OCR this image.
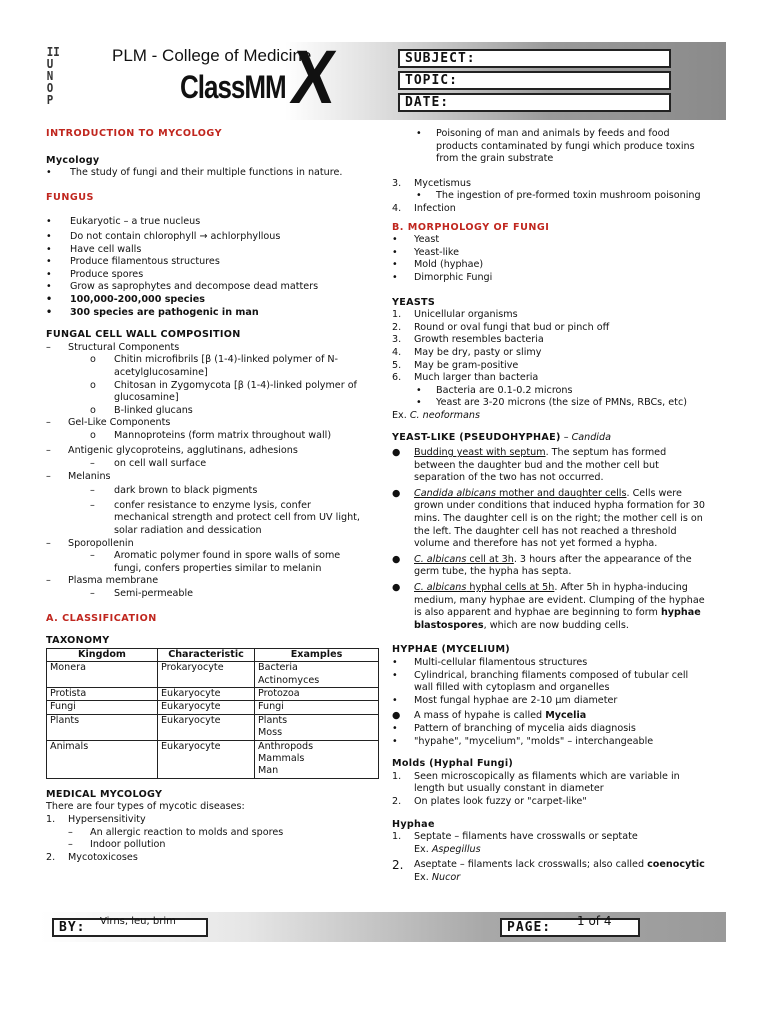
II
U
N
O
P
PLM - College of Medicine
ClassMM X	SUBJECT:
TOPIC:
DATE:
INTRODUCTION TO MYCOLOGY
Mycology
• The study of fungi and their multiple functions in nature.
FUNGUS
• Eukaryotic – a true nucleus
• Do not contain chlorophyll → achlorphyllous
• Have cell walls
• Produce filamentous structures
• Produce spores
• Grow as saprophytes and decompose dead matters
• 100,000-200,000 species
• 300 species are pathogenic in man
FUNGAL CELL WALL COMPOSITION
– Structural Components
o Chitin microfibrils [β (1-4)-linked polymer of N-
acetylglucosamine]
o Chitosan in Zygomycota [β (1-4)-linked polymer of
glucosamine]
o B-linked glucans
– Gel-Like Components
o Mannoproteins (form matrix throughout wall)
– Antigenic glycoproteins, agglutinans, adhesions
– on cell wall surface
– Melanins
– dark brown to black pigments
– confer resistance to enzyme lysis, confer
mechanical strength and protect cell from UV light,
solar radiation and dessication
– Sporopollenin
– Aromatic polymer found in spore walls of some
fungi, confers properties similar to melanin
– Plasma membrane
– Semi-permeable
A. CLASSIFICATION
TAXONOMY
Kingdom	Characteristic	Examples
Monera	Prokaryocyte	Bacteria
Actinomyces

Protista	Eukaryocyte	Protozoa
Fungi	Eukaryocyte	Fungi
Plants	Eukaryocyte	Plants
Moss

Animals	Eukaryocyte	Anthropods
Mammals
Man
MEDICAL MYCOLOGY
There are four types of mycotic diseases:
1. Hypersensitivity
– An allergic reaction to molds and spores
– Indoor pollution
2. Mycotoxicoses
• Poisoning of man and animals by feeds and food
products contaminated by fungi which produce toxins
from the grain substrate
3. Mycetismus
• The ingestion of pre-formed toxin mushroom poisoning
4. Infection
B. MORPHOLOGY OF FUNGI
• Yeast
• Yeast-like
• Mold (hyphae)
• Dimorphic Fungi
YEASTS
1. Unicellular organisms
2. Round or oval fungi that bud or pinch off
3. Growth resembles bacteria
4. May be dry, pasty or slimy
5. May be gram-positive
6. Much larger than bacteria
• Bacteria are 0.1-0.2 microns
• Yeast are 3-20 microns (the size of PMNs, RBCs, etc)
Ex. C. neoformans
YEAST-LIKE (PSEUDOHYPHAE) – Candida
● Budding yeast with septum. The septum has formed
between the daughter bud and the mother cell but
separation of the two has not occurred.
● Candida albicans mother and daughter cells. Cells were
grown under conditions that induced hypha formation for 30
mins. The daughter cell is on the right; the mother cell is on
the left. The daughter cell has not reached a threshold
volume and therefore has not yet formed a hypha.
● C. albicans cell at 3h. 3 hours after the appearance of the
germ tube, the hypha has septa.
● C. albicans hyphal cells at 5h. After 5h in hypha-inducing
medium, many hyphae are evident. Clumping of the hyphae
is also apparent and hyphae are beginning to form hyphae
blastospores, which are now budding cells.
HYPHAE (MYCELIUM)
• Multi-cellular filamentous structures
• Cylindrical, branching filaments composed of tubular cell
wall filled with cytoplasm and organelles
• Most fungal hyphae are 2-10 μm diameter
● A mass of hypahe is called Mycelia
• Pattern of branching of mycelia aids diagnosis
• "hypahe", "mycelium", "molds" – interchangeable
Molds (Hyphal Fungi)
1. Seen microscopically as filaments which are variable in
length but usually constant in diameter
2. On plates look fuzzy or "carpet-like"
Hyphae
1. Septate – filaments have crosswalls or septate
Ex. Aspegillus
2. Aseptate – filaments lack crosswalls; also called coenocytic
Ex. Nucor
BY:	Virns, leu, brim	PAGE:	1 of 4
